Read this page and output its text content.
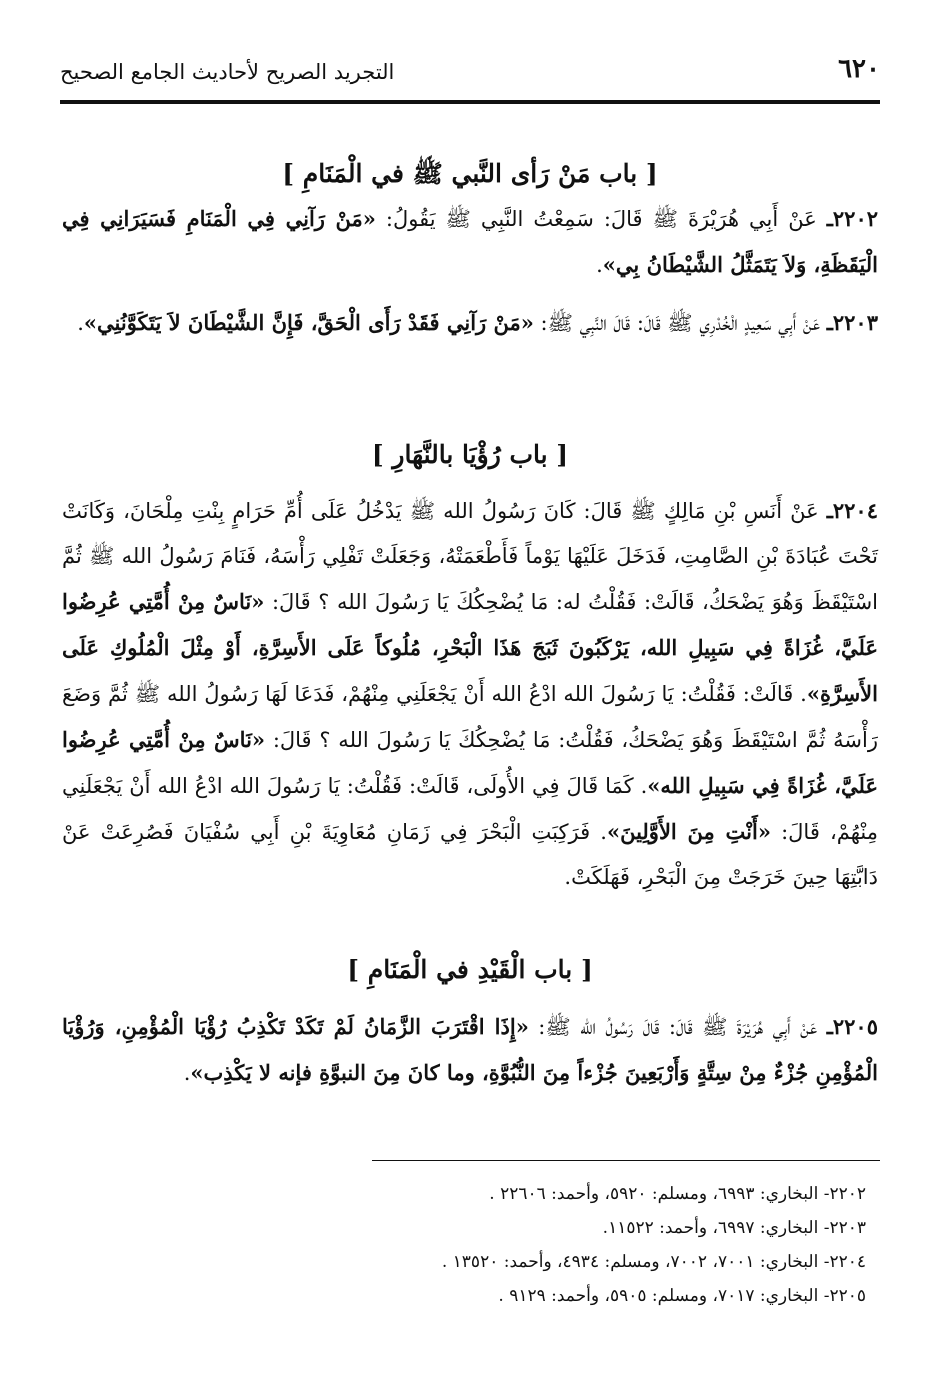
٦٢٠
التجريد الصريح لأحاديث الجامع الصحيح
[ باب مَنْ رَأى النَّبي ﷺ في الْمَنَامِ ]

٢٢٠٢ـ عَنْ أَبِي هُرَيْرَةَ ﷺ قَالَ: سَمِعْتُ النَّبِي ﷺ يَقُولُ: «مَنْ رَآنِي فِي الْمَنَامِ فَسَيَرَانِي فِي الْيَقَظَةِ، وَلاَ يَتَمَثَّلُ الشَّيْطَانُ بِي».

٢٢٠٣ـ عَنْ أَبِي سَعِيدٍ الْخُدْرِي ﷺ قَالَ: قَالَ النَّبِي ﷺ: «مَنْ رَآنِي فَقَدْ رَأَى الْحَقَّ، فَإِنَّ الشَّيْطَانَ لاَ يَتَكَوَّنُنِي».

[ باب رُؤْيَا بالنَّهَارِ ]

٢٢٠٤ـ عَنْ أَنَسِ بْنِ مَالِكٍ ﷺ قَالَ: كَانَ رَسُولُ الله ﷺ يَدْخُلُ عَلَى أُمِّ حَرَامٍ بِنْتِ مِلْحَانَ، وَكَانَتْ تَحْتَ عُبَادَةَ بْنِ الصَّامِتِ، فَدَخَلَ عَلَيْهَا يَوْماً فَأَطْعَمَتْهُ، وَجَعَلَتْ تَفْلِي رَأْسَهُ، فَنَامَ رَسُولُ الله ﷺ ثُمَّ اسْتَيْقَظَ وَهُوَ يَضْحَكُ، قَالَتْ: فَقُلْتُ له: مَا يُضْحِكُكَ يَا رَسُولَ الله ؟ قَالَ: «نَاسٌ مِنْ أُمَّتِي عُرِضُوا عَلَيَّ، غُزَاةً فِي سَبِيلِ الله، يَرْكَبُونَ ثَبَجَ هَذَا الْبَحْرِ، مُلُوكاً عَلَى الأَسِرَّةِ، أَوْ مِثْلَ الْمُلُوكِ عَلَى الأَسِرَّةِ». قَالَتْ: فَقُلْتُ: يَا رَسُولَ الله ادْعُ الله أَنْ يَجْعَلَنِي مِنْهُمْ، فَدَعَا لَهَا رَسُولُ الله ﷺ ثُمَّ وَضَعَ رَأْسَهُ ثُمَّ اسْتَيْقَظَ وَهُوَ يَضْحَكُ، فَقُلْتُ: مَا يُضْحِكُكَ يَا رَسُولَ الله ؟ قَالَ: «نَاسٌ مِنْ أُمَّتِي عُرِضُوا عَلَيَّ، غُزَاةً فِي سَبِيلِ الله». كَمَا قَالَ فِي الأُولَى، قَالَتْ: فَقُلْتُ: يَا رَسُولَ الله ادْعُ الله أَنْ يَجْعَلَنِي مِنْهُمْ، قَالَ: «أَنْتِ مِنَ الأَوَّلِينَ». فَرَكِبَتِ الْبَحْرَ فِي زَمَانِ مُعَاوِيَةَ بْنِ أَبِي سُفْيَانَ فَصُرِعَتْ عَنْ دَابَّتِهَا حِينَ خَرَجَتْ مِنَ الْبَحْرِ، فَهَلَكَتْ.

[ باب الْقَيْدِ في الْمَنَامِ ]

٢٢٠٥ـ عَنْ أَبِي هُرَيْرَةَ ﷺ قَالَ: قَالَ رَسُولُ الله ﷺ: «إِذَا اقْتَرَبَ الزَّمَانُ لَمْ تَكَدْ تَكْذِبُ رُؤْيَا الْمُؤْمِنِ، وَرُؤْيَا الْمُؤْمِنِ جُزْءٌ مِنْ سِتَّةٍ وَأَرْبَعِينَ جُزْءاً مِنَ النُّبُوَّةِ، وما كانَ مِنَ النبوَّةِ فإنه لا يَكْذِب».

٢٢٠٢- البخاري: ٦٩٩٣، ومسلم: ٥٩٢٠، وأحمد: ٢٢٦٠٦ .
٢٢٠٣- البخاري: ٦٩٩٧، وأحمد: ١١٥٢٢.
٢٢٠٤- البخاري: ٧٠٠١، ٧٠٠٢، ومسلم: ٤٩٣٤، وأحمد: ١٣٥٢٠ .
٢٢٠٥- البخاري: ٧٠١٧، ومسلم: ٥٩٠٥، وأحمد: ٩١٢٩ .
